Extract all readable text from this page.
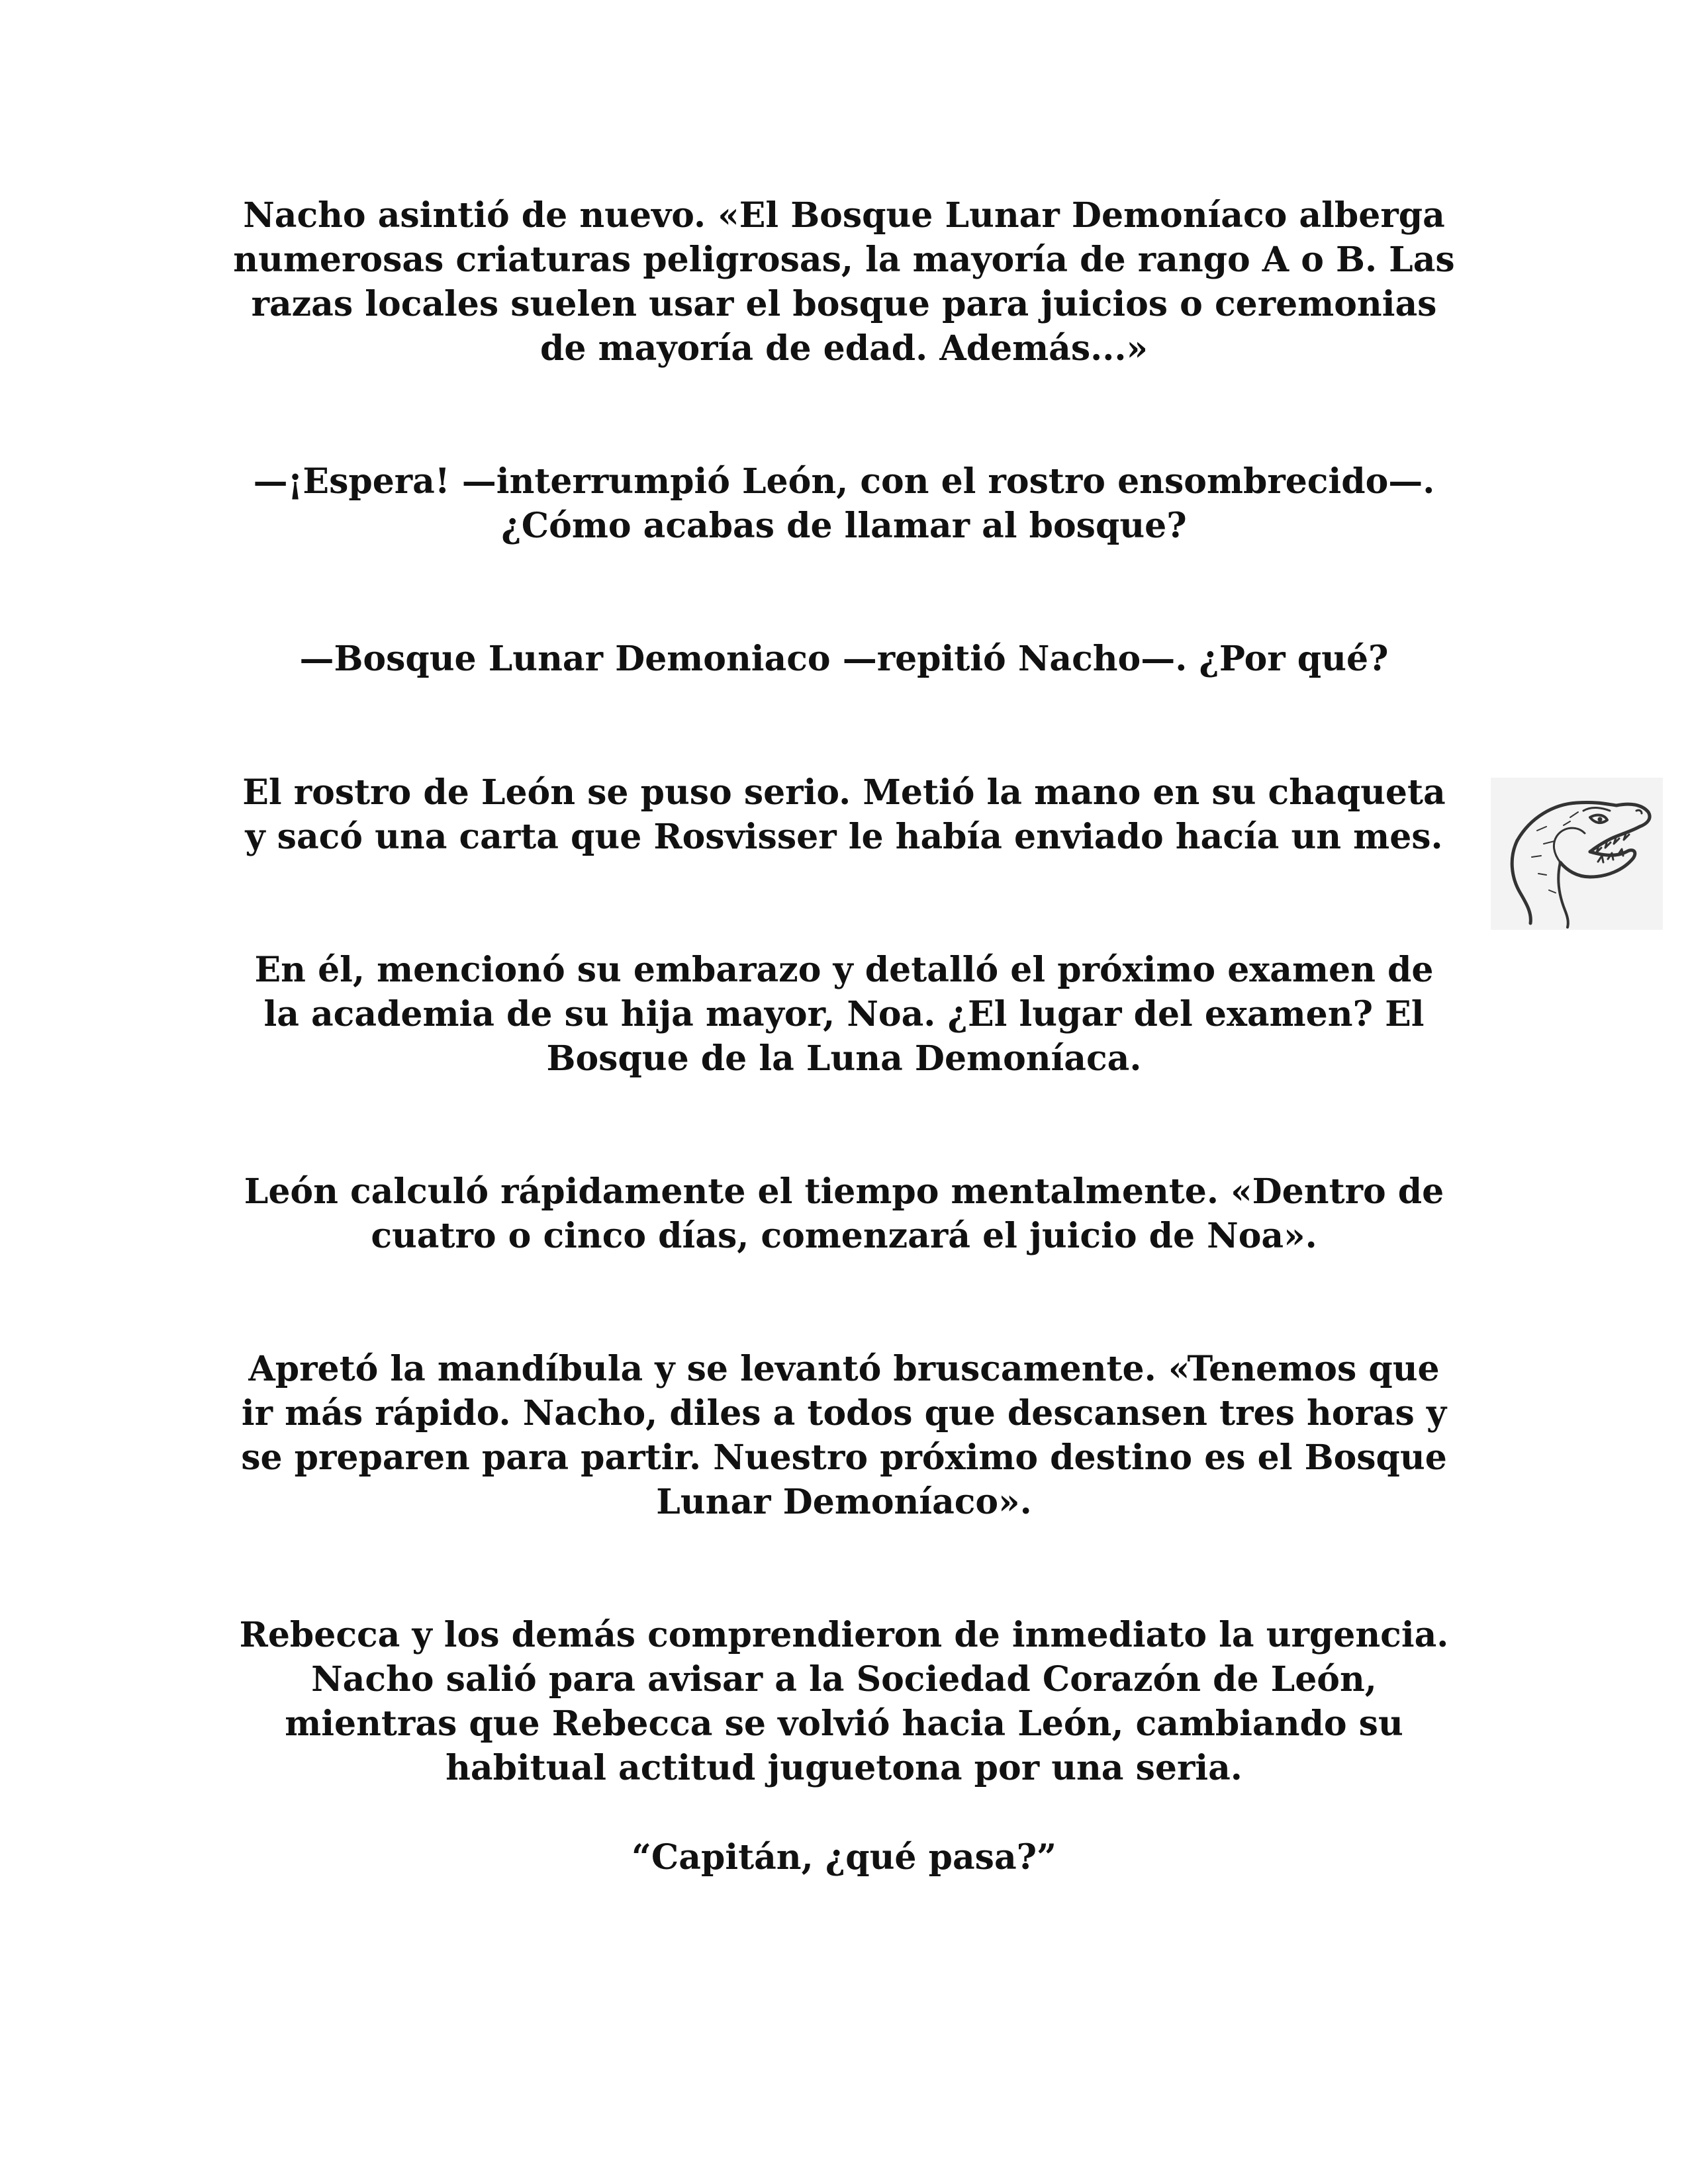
Nacho asintió de nuevo. «El Bosque Lunar Demoníaco alberga
numerosas criaturas peligrosas, la mayoría de rango A o B. Las
razas locales suelen usar el bosque para juicios o ceremonias
de mayoría de edad. Además...»

—¡Espera! —interrumpió León, con el rostro ensombrecido—.
¿Cómo acabas de llamar al bosque?

—Bosque Lunar Demoniaco —repitió Nacho—. ¿Por qué?

El rostro de León se puso serio. Metió la mano en su chaqueta
y sacó una carta que Rosvisser le había enviado hacía un mes.

En él, mencionó su embarazo y detalló el próximo examen de
la academia de su hija mayor, Noa. ¿El lugar del examen? El
Bosque de la Luna Demoníaca.

León calculó rápidamente el tiempo mentalmente. «Dentro de
cuatro o cinco días, comenzará el juicio de Noa».

Apretó la mandíbula y se levantó bruscamente. «Tenemos que
ir más rápido. Nacho, diles a todos que descansen tres horas y
se preparen para partir. Nuestro próximo destino es el Bosque
Lunar Demoníaco».

Rebecca y los demás comprendieron de inmediato la urgencia.
Nacho salió para avisar a la Sociedad Corazón de León,
mientras que Rebecca se volvió hacia León, cambiando su
habitual actitud juguetona por una seria.

“Capitán, ¿qué pasa?”
